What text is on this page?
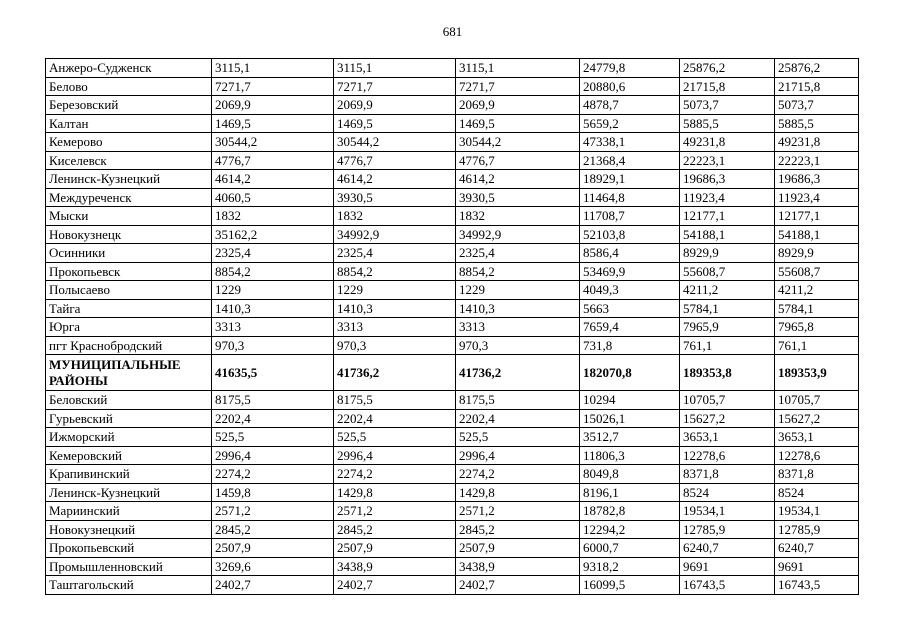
681
Анжеро-Судженск	3115,1	3115,1	3115,1	24779,8	25876,2	25876,2
Белово	7271,7	7271,7	7271,7	20880,6	21715,8	21715,8
Березовский	2069,9	2069,9	2069,9	4878,7	5073,7	5073,7
Калтан	1469,5	1469,5	1469,5	5659,2	5885,5	5885,5
Кемерово	30544,2	30544,2	30544,2	47338,1	49231,8	49231,8
Киселевск	4776,7	4776,7	4776,7	21368,4	22223,1	22223,1
Ленинск-Кузнецкий	4614,2	4614,2	4614,2	18929,1	19686,3	19686,3
Междуреченск	4060,5	3930,5	3930,5	11464,8	11923,4	11923,4
Мыски	1832	1832	1832	11708,7	12177,1	12177,1
Новокузнецк	35162,2	34992,9	34992,9	52103,8	54188,1	54188,1
Осинники	2325,4	2325,4	2325,4	8586,4	8929,9	8929,9
Прокопьевск	8854,2	8854,2	8854,2	53469,9	55608,7	55608,7
Полысаево	1229	1229	1229	4049,3	4211,2	4211,2
Тайга	1410,3	1410,3	1410,3	5663	5784,1	5784,1
Юрга	3313	3313	3313	7659,4	7965,9	7965,8
пгт Краснобродский	970,3	970,3	970,3	731,8	761,1	761,1
МУНИЦИПАЛЬНЫЕ РАЙОНЫ	41635,5	41736,2	41736,2	182070,8	189353,8	189353,9
Беловский	8175,5	8175,5	8175,5	10294	10705,7	10705,7
Гурьевский	2202,4	2202,4	2202,4	15026,1	15627,2	15627,2
Ижморский	525,5	525,5	525,5	3512,7	3653,1	3653,1
Кемеровский	2996,4	2996,4	2996,4	11806,3	12278,6	12278,6
Крапивинский	2274,2	2274,2	2274,2	8049,8	8371,8	8371,8
Ленинск-Кузнецкий	1459,8	1429,8	1429,8	8196,1	8524	8524
Мариинский	2571,2	2571,2	2571,2	18782,8	19534,1	19534,1
Новокузнецкий	2845,2	2845,2	2845,2	12294,2	12785,9	12785,9
Прокопьевский	2507,9	2507,9	2507,9	6000,7	6240,7	6240,7
Промышленновский	3269,6	3438,9	3438,9	9318,2	9691	9691
Таштагольский	2402,7	2402,7	2402,7	16099,5	16743,5	16743,5
